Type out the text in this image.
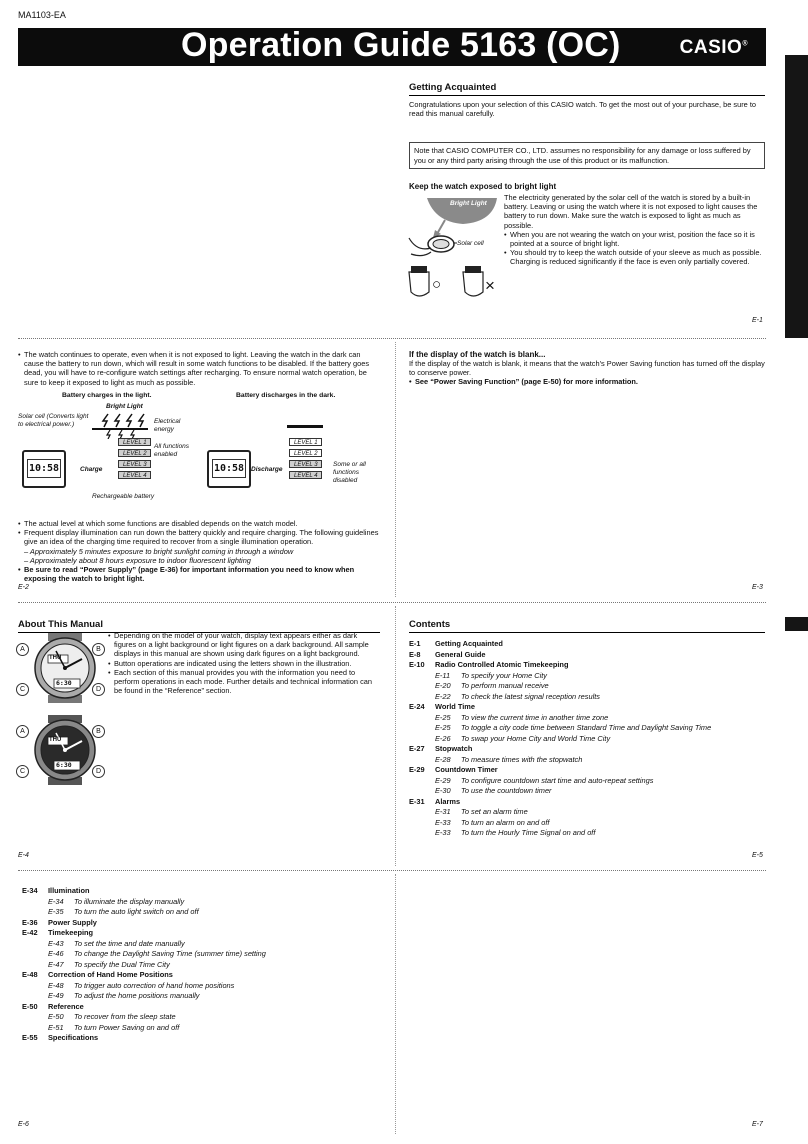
MA1103-EA
Operation Guide 5163 (OC)	CASIO®
Getting Acquainted
Congratulations upon your selection of this CASIO watch. To get the most out of your purchase, be sure to read this manual carefully.
Note that CASIO COMPUTER CO., LTD. assumes no responsibility for any damage or loss suffered by you or any third party arising through the use of this product or its malfunction.
Keep the watch exposed to bright light
Bright Light
Solar cell
○	×
The electricity generated by the solar cell of the watch is stored by a built-in battery. Leaving or using the watch where it is not exposed to light causes the battery to run down. Make sure the watch is exposed to light as much as possible.
• When you are not wearing the watch on your wrist, position the face so it is pointed at a source of bright light.
• You should try to keep the watch outside of your sleeve as much as possible. Charging is reduced significantly if the face is even only partially covered.
E-1
• The watch continues to operate, even when it is not exposed to light. Leaving the watch in the dark can cause the battery to run down, which will result in some watch functions to be disabled. If the battery goes dead, you will have to re-configure watch settings after recharging. To ensure normal watch operation, be sure to keep it exposed to light as much as possible.
Battery charges in the light.	Battery discharges in the dark.
Solar cell (Converts light to electrical power.)
Bright Light
Electrical energy
All functions enabled
10:58	Charge
LEVEL 1
LEVEL 2
LEVEL 3
LEVEL 4
Rechargeable battery
10:58	Discharge
LEVEL 1
LEVEL 2
LEVEL 3
LEVEL 4
Some or all functions disabled
• The actual level at which some functions are disabled depends on the watch model.
• Frequent display illumination can run down the battery quickly and require charging. The following guidelines give an idea of the charging time required to recover from a single illumination operation.
– Approximately 5 minutes exposure to bright sunlight coming in through a window
– Approximately about 8 hours exposure to indoor fluorescent lighting
• Be sure to read “Power Supply” (page E-36) for important information you need to know when exposing the watch to bright light.
E-2
If the display of the watch is blank...
If the display of the watch is blank, it means that the watch's Power Saving function has turned off the display to conserve power.
• See “Power Saving Function” (page E-50) for more information.
E-3
About This Manual
THU
6:30
A	B
C	D
THU
6:30
A	B
C	D
• Depending on the model of your watch, display text appears either as dark figures on a light background or light figures on a dark background. All sample displays in this manual are shown using dark figures on a light background.
• Button operations are indicated using the letters shown in the illustration.
• Each section of this manual provides you with the information you need to perform operations in each mode. Further details and technical information can be found in the “Reference” section.
E-4
Contents
E-1	Getting Acquainted
E-8	General Guide
E-10	Radio Controlled Atomic Timekeeping
E-11	To specify your Home City
E-20	To perform manual receive
E-22	To check the latest signal reception results
E-24	World Time
E-25	To view the current time in another time zone
E-25	To toggle a city code time between Standard Time and Daylight Saving Time
E-26	To swap your Home City and World Time City
E-27	Stopwatch
E-28	To measure times with the stopwatch
E-29	Countdown Timer
E-29	To configure countdown start time and auto-repeat settings
E-30	To use the countdown timer
E-31	Alarms
E-31	To set an alarm time
E-33	To turn an alarm on and off
E-33	To turn the Hourly Time Signal on and off
E-5
E-34	Illumination
E-34	To illuminate the display manually
E-35	To turn the auto light switch on and off
E-36	Power Supply
E-42	Timekeeping
E-43	To set the time and date manually
E-46	To change the Daylight Saving Time (summer time) setting
E-47	To specify the Dual Time City
E-48	Correction of Hand Home Positions
E-48	To trigger auto correction of hand home positions
E-49	To adjust the home positions manually
E-50	Reference
E-50	To recover from the sleep state
E-51	To turn Power Saving on and off
E-55	Specifications
E-6	E-7
